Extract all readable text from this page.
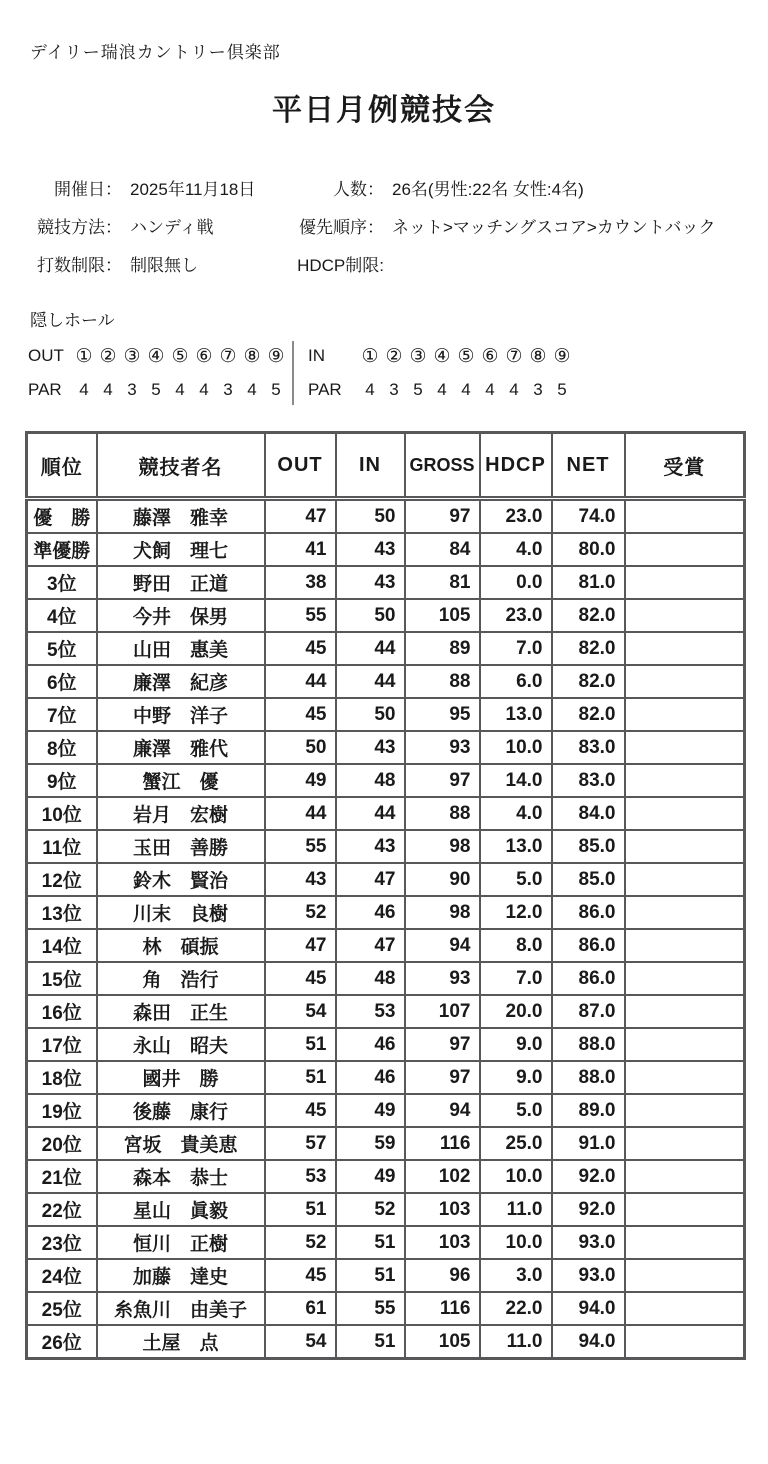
デイリー瑞浪カントリー倶楽部
平日月例競技会
開催日： 2025年11月18日	人数： 26名(男性:22名 女性:4名)
競技方法： ハンディ戦	優先順序： ネット>マッチングスコア>カウントバック
打数制限： 制限無し	HDCP制限:
隠しホール
OUT ① ② ③ ④ ⑤ ⑥ ⑦ ⑧ ⑨
PAR	4 4 3 5 4 4 3 4 5
IN	① ② ③ ④ ⑤ ⑥ ⑦ ⑧ ⑨
PAR	4 3 5 4 4 4 4 3 5
順位	競技者名	OUT	IN	GROSS	HDCP	NET	受賞
優　勝	藤澤　雅幸	47	50	97	23.0	74.0	
準優勝	犬飼　理七	41	43	84	4.0	80.0	
3位	野田　正道	38	43	81	0.0	81.0	
4位	今井　保男	55	50	105	23.0	82.0	
5位	山田　惠美	45	44	89	7.0	82.0	
6位	廉澤　紀彦	44	44	88	6.0	82.0	
7位	中野　洋子	45	50	95	13.0	82.0	
8位	廉澤　雅代	50	43	93	10.0	83.0	
9位	蟹江　優	49	48	97	14.0	83.0	
10位	岩月　宏樹	44	44	88	4.0	84.0	
11位	玉田　善勝	55	43	98	13.0	85.0	
12位	鈴木　賢治	43	47	90	5.0	85.0	
13位	川末　良樹	52	46	98	12.0	86.0	
14位	林　碩振	47	47	94	8.0	86.0	
15位	角　浩行	45	48	93	7.0	86.0	
16位	森田　正生	54	53	107	20.0	87.0	
17位	永山　昭夫	51	46	97	9.0	88.0	
18位	國井　勝	51	46	97	9.0	88.0	
19位	後藤　康行	45	49	94	5.0	89.0	
20位	宮坂　貴美恵	57	59	116	25.0	91.0	
21位	森本　恭士	53	49	102	10.0	92.0	
22位	星山　眞毅	51	52	103	11.0	92.0	
23位	恒川　正樹	52	51	103	10.0	93.0	
24位	加藤　達史	45	51	96	3.0	93.0	
25位	糸魚川　由美子	61	55	116	22.0	94.0	
26位	土屋　点	54	51	105	11.0	94.0	
